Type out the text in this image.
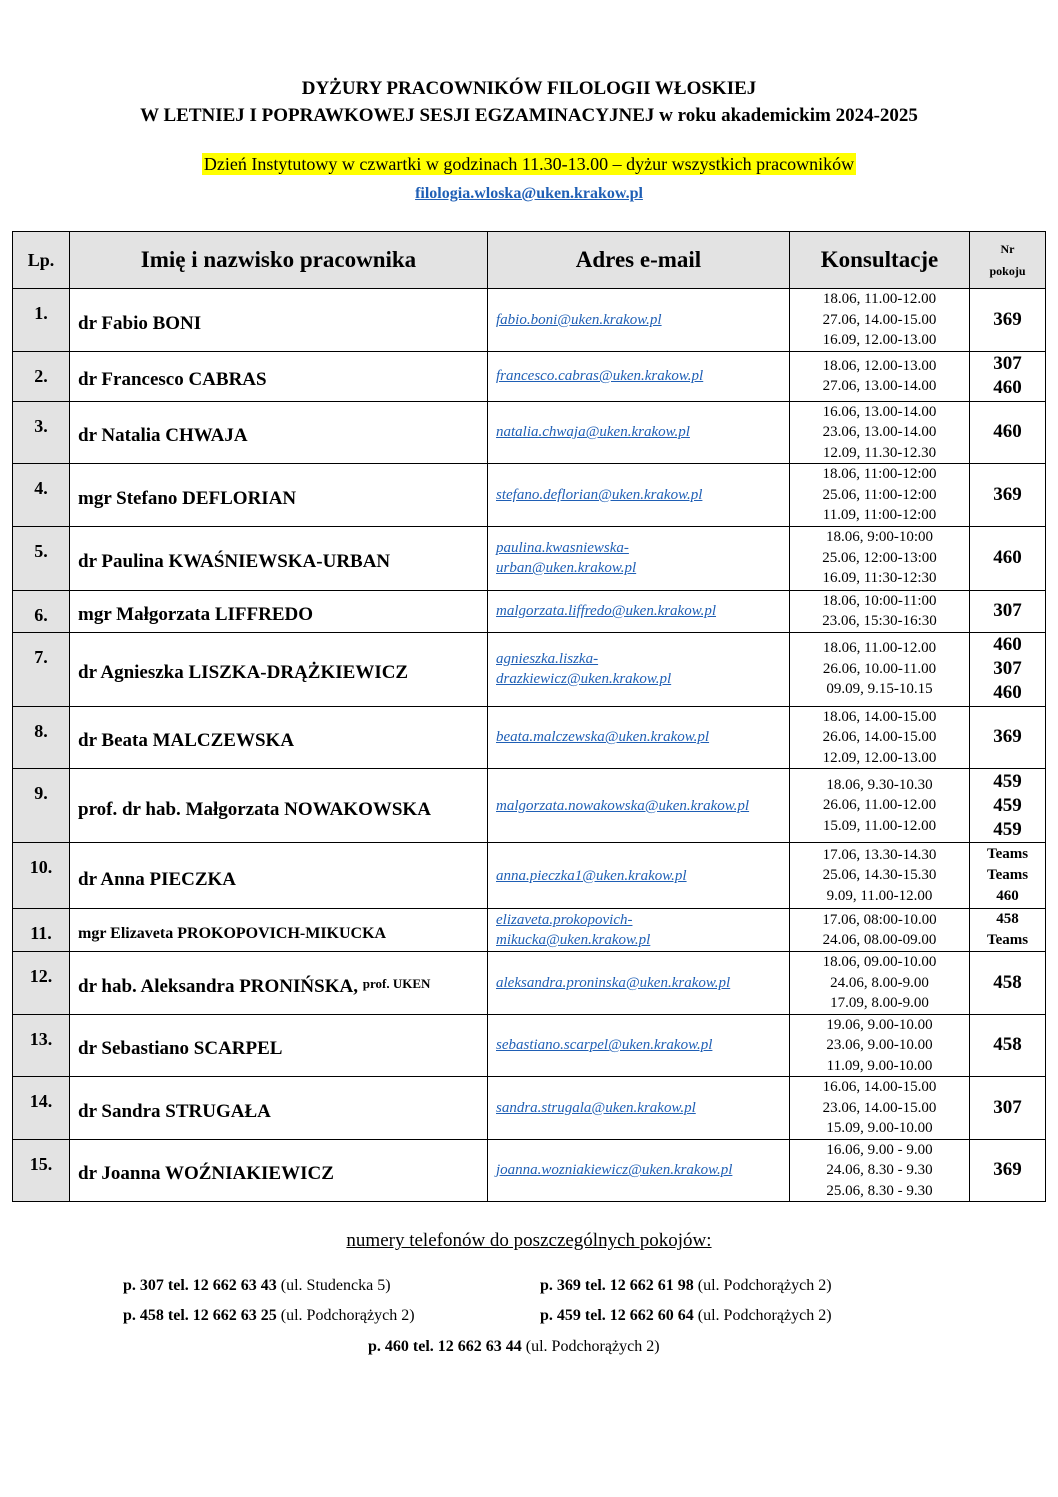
DYŻURY PRACOWNIKÓW FILOLOGII WŁOSKIEJ
W LETNIEJ I POPRAWKOWEJ SESJI EGZAMINACYJNEJ w roku akademickim 2024-2025
Dzień Instytutowy w czwartki w godzinach 11.30-13.00 – dyżur wszystkich pracowników
filologia.wloska@uken.krakow.pl
Lp.	Imię i nazwisko pracownika	Adres e-mail	Konsultacje	Nr
pokoju

1.	dr Fabio BONI	fabio.boni@uken.krakow.pl	18.06, 11.00-12.00
27.06, 14.00-15.00
16.09, 12.00-13.00	369

2.	dr Francesco CABRAS	francesco.cabras@uken.krakow.pl	18.06, 12.00-13.00
27.06, 13.00-14.00	307
460

3.	dr Natalia CHWAJA	natalia.chwaja@uken.krakow.pl	16.06, 13.00-14.00
23.06, 13.00-14.00
12.09, 11.30-12.30	460

4.	mgr Stefano DEFLORIAN	stefano.deflorian@uken.krakow.pl	18.06, 11:00-12:00
25.06, 11:00-12:00
11.09, 11:00-12:00	369

5.	dr Paulina KWAŚNIEWSKA-URBAN	paulina.kwasniewska-
urban@uken.krakow.pl	18.06, 9:00-10:00
25.06, 12:00-13:00
16.09, 11:30-12:30	460

6.	mgr Małgorzata LIFFREDO	malgorzata.liffredo@uken.krakow.pl	18.06, 10:00-11:00
23.06, 15:30-16:30	307

7.	dr Agnieszka LISZKA-DRĄŻKIEWICZ	agnieszka.liszka-
drazkiewicz@uken.krakow.pl	18.06, 11.00-12.00
26.06, 10.00-11.00
09.09, 9.15-10.15	460
307
460

8.	dr Beata MALCZEWSKA	beata.malczewska@uken.krakow.pl	18.06, 14.00-15.00
26.06, 14.00-15.00
12.09, 12.00-13.00	369

9.	prof. dr hab. Małgorzata NOWAKOWSKA	malgorzata.nowakowska@uken.krakow.pl	18.06, 9.30-10.30
26.06, 11.00-12.00
15.09, 11.00-12.00	459
459
459

10.	dr Anna PIECZKA	anna.pieczka1@uken.krakow.pl	17.06, 13.30-14.30
25.06, 14.30-15.30
9.09, 11.00-12.00	Teams
Teams
460

11.	mgr Elizaveta PROKOPOVICH-MIKUCKA	elizaveta.prokopovich-
mikucka@uken.krakow.pl	17.06, 08:00-10.00
24.06, 08.00-09.00	458
Teams

12.	dr hab. Aleksandra PRONIŃSKA, $^{prof. UKEN}$	aleksandra.proninska@uken.krakow.pl	18.06, 09.00-10.00
24.06, 8.00-9.00
17.09, 8.00-9.00	458

13.	dr Sebastiano SCARPEL	sebastiano.scarpel@uken.krakow.pl	19.06, 9.00-10.00
23.06, 9.00-10.00
11.09, 9.00-10.00	458

14.	dr Sandra STRUGAŁA	sandra.strugala@uken.krakow.pl	16.06, 14.00-15.00
23.06, 14.00-15.00
15.09, 9.00-10.00	307

15.	dr Joanna WOŹNIAKIEWICZ	joanna.wozniakiewicz@uken.krakow.pl	16.06, 9.00 - 9.00
24.06, 8.30 - 9.30
25.06, 8.30 - 9.30	369
numery telefonów do poszczególnych pokojów:
p. 307 tel. 12 662 63 43 (ul. Studencka 5)	p. 369 tel. 12 662 61 98 (ul. Podchorążych 2)
p. 458 tel. 12 662 63 25 (ul. Podchorążych 2)	p. 459 tel. 12 662 60 64 (ul. Podchorążych 2)
p. 460 tel. 12 662 63 44 (ul. Podchorążych 2)
